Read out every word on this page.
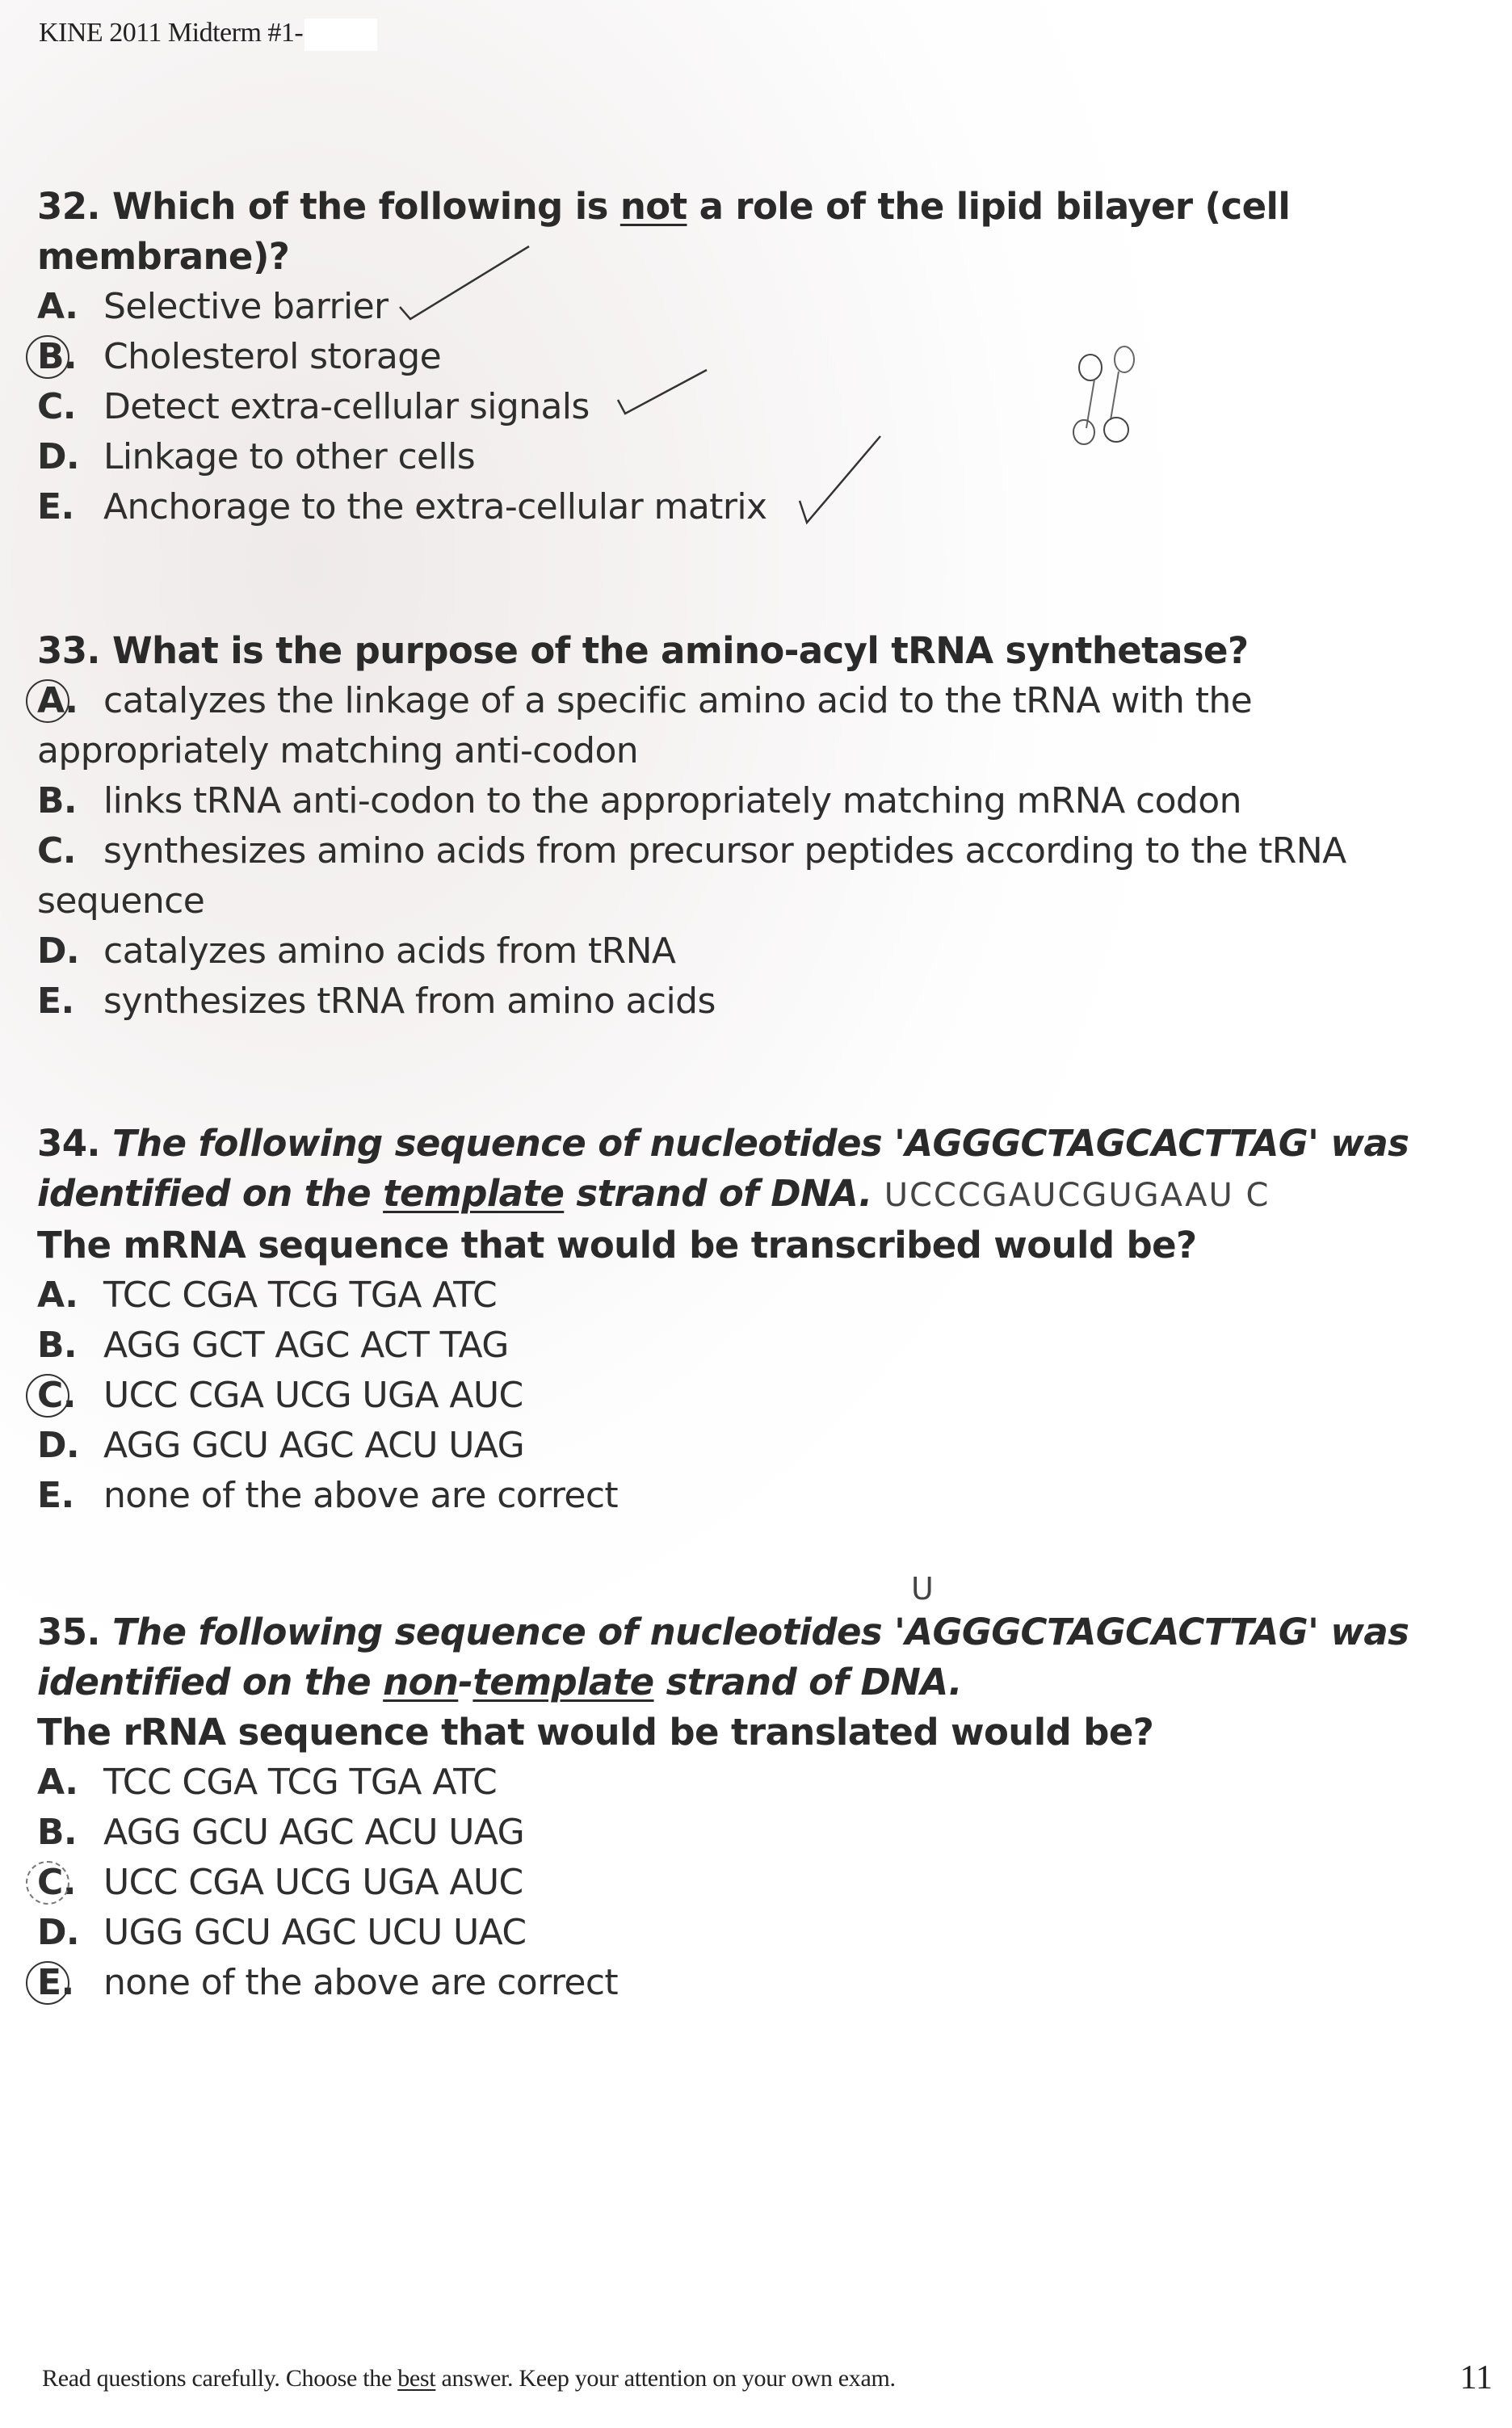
KINE 2011 Midterm #1-
32. Which of the following is not a role of the lipid bilayer (cell membrane)?
A. Selective barrier
B. Cholesterol storage
C. Detect extra-cellular signals
D. Linkage to other cells
E. Anchorage to the extra-cellular matrix
33. What is the purpose of the amino-acyl tRNA synthetase?
A. catalyzes the linkage of a specific amino acid to the tRNA with the appropriately matching anti-codon
B. links tRNA anti-codon to the appropriately matching mRNA codon
C. synthesizes amino acids from precursor peptides according to the tRNA sequence
D. catalyzes amino acids from tRNA
E. synthesizes tRNA from amino acids
34. The following sequence of nucleotides 'AGGGCTAGCACTTAG' was
identified on the template strand of DNA. UCCCGAUCGUGAAU C
The mRNA sequence that would be transcribed would be?
A. TCC CGA TCG TGA ATC
B. AGG GCT AGC ACT TAG
C. UCC CGA UCG UGA AUC
D. AGG GCU AGC ACU UAG
E. none of the above are correct
U
35. The following sequence of nucleotides 'AGGGCTAGCACTTAG' was
identified on the non-template strand of DNA.
The rRNA sequence that would be translated would be?
A. TCC CGA TCG TGA ATC
B. AGG GCU AGC ACU UAG
C. UCC CGA UCG UGA AUC
D. UGG GCU AGC UCU UAC
E. none of the above are correct
Read questions carefully. Choose the best answer. Keep your attention on your own exam.	11
